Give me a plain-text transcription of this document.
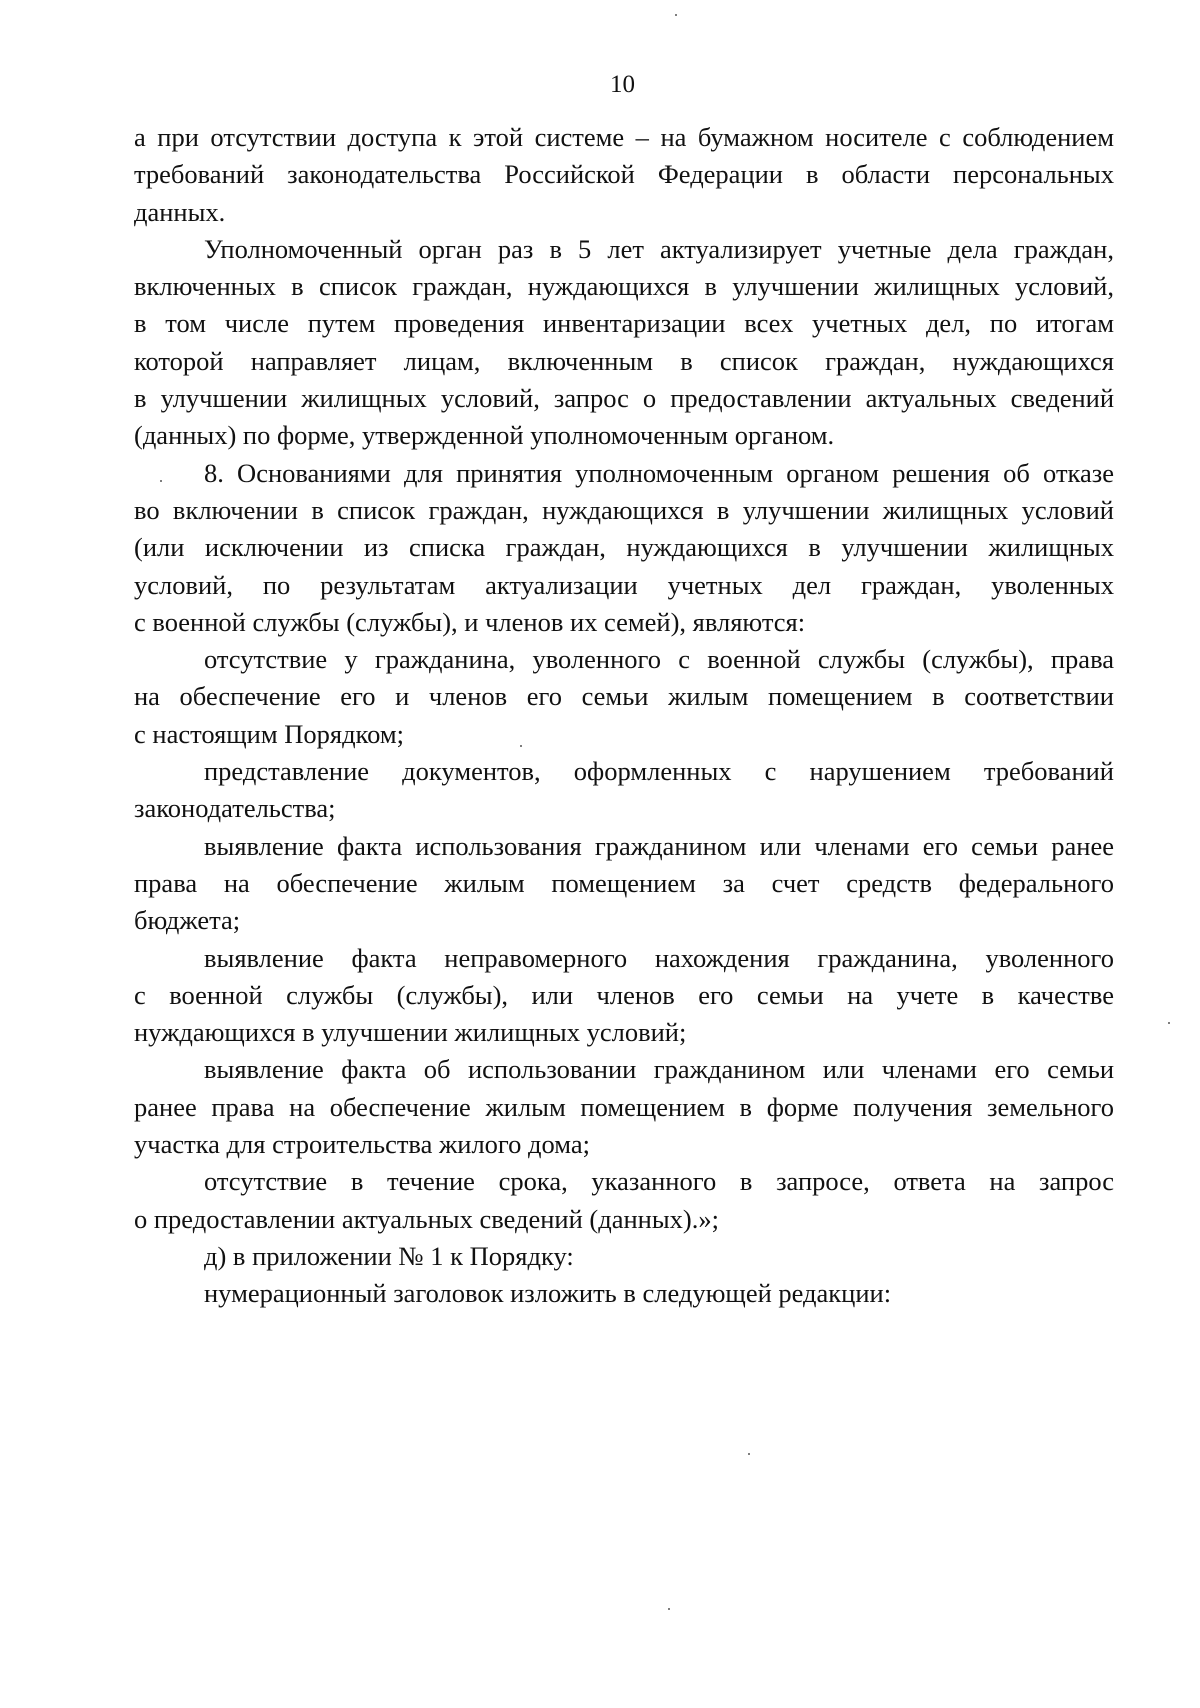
10
а при отсутствии доступа к этой системе – на бумажном носителе с соблюдением
требований законодательства Российской Федерации в области персональных
данных.
Уполномоченный орган раз в 5 лет актуализирует учетные дела граждан,
включенных в список граждан, нуждающихся в улучшении жилищных условий,
в том числе путем проведения инвентаризации всех учетных дел, по итогам
которой направляет лицам, включенным в список граждан, нуждающихся
в улучшении жилищных условий, запрос о предоставлении актуальных сведений
(данных) по форме, утвержденной уполномоченным органом.
8. Основаниями для принятия уполномоченным органом решения об отказе
во включении в список граждан, нуждающихся в улучшении жилищных условий
(или исключении из списка граждан, нуждающихся в улучшении жилищных
условий, по результатам актуализации учетных дел граждан, уволенных
с военной службы (службы), и членов их семей), являются:
отсутствие у гражданина, уволенного с военной службы (службы), права
на обеспечение его и членов его семьи жилым помещением в соответствии
с настоящим Порядком;
представление документов, оформленных с нарушением требований
законодательства;
выявление факта использования гражданином или членами его семьи ранее
права на обеспечение жилым помещением за счет средств федерального
бюджета;
выявление факта неправомерного нахождения гражданина, уволенного
с военной службы (службы), или членов его семьи на учете в качестве
нуждающихся в улучшении жилищных условий;
выявление факта об использовании гражданином или членами его семьи
ранее права на обеспечение жилым помещением в форме получения земельного
участка для строительства жилого дома;
отсутствие в течение срока, указанного в запросе, ответа на запрос
о предоставлении актуальных сведений (данных).»;
д) в приложении № 1 к Порядку:
нумерационный заголовок изложить в следующей редакции:
